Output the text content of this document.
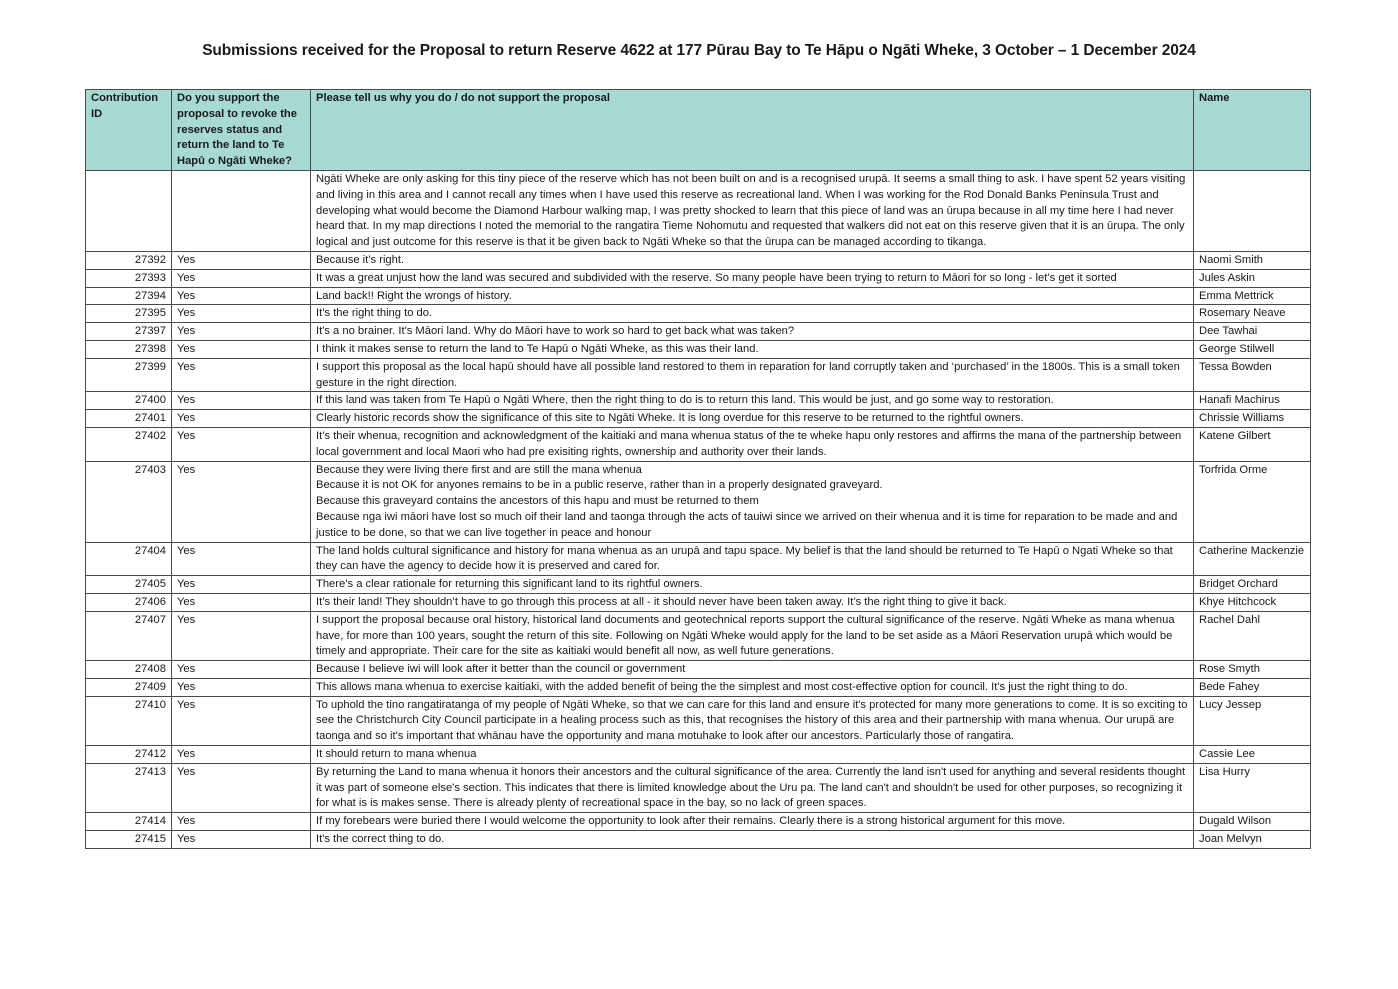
Submissions received for the Proposal to return Reserve 4622 at 177 Pūrau Bay to Te Hāpu o Ngāti Wheke, 3 October – 1 December 2024
Contribution ID	Do you support the proposal to revoke the reserves status and return the land to Te Hapū o Ngāti Wheke?	Please tell us why you do / do not support the proposal	Name
		Ngāti Wheke are only asking for this tiny piece of the reserve which has not been built on and is a recognised urupā. It seems a small thing to ask. I have spent 52 years visiting and living in this area and I cannot recall any times when I have used this reserve as recreational land. When I was working for the Rod Donald Banks Peninsula Trust and developing what would become the Diamond Harbour walking map, I was pretty shocked to learn that this piece of land was an ūrupa because in all my time here I had never heard that. In my map directions I noted the memorial to the rangatira Tieme Nohomutu and requested that walkers did not eat on this reserve given that it is an ūrupa. The only logical and just outcome for this reserve is that it be given back to Ngāti Wheke so that the ūrupa can be managed according to tikanga.	
27392	Yes	Because it’s right.	Naomi Smith
27393	Yes	It was a great unjust how the land was secured and subdivided with the reserve. So many people have been trying to return to Māori for so long - let’s get it sorted	Jules Askin
27394	Yes	Land back!! Right the wrongs of history.	Emma Mettrick
27395	Yes	It’s the right thing to do.	Rosemary Neave
27397	Yes	It's a no brainer. It's Māori land. Why do Māori have to work so hard to get back what was taken?	Dee Tawhai
27398	Yes	I think it makes sense to return the land to Te Hapū o Ngāti Wheke, as this was their land.	George Stilwell
27399	Yes	I support this proposal as the local hapū should have all possible land restored to them in reparation for land corruptly taken and ‘purchased’ in the 1800s. This is a small token gesture in the right direction.	Tessa Bowden
27400	Yes	If this land was taken from Te Hapū o Ngāti Where, then the right thing to do is to return this land. This would be just, and go some way to restoration.	Hanafi Machirus
27401	Yes	Clearly historic records show the significance of this site to Ngāti Wheke. It is long overdue for this reserve to be returned to the rightful owners.	Chrissie Williams
27402	Yes	It’s their whenua, recognition and acknowledgment of the kaitiaki and mana whenua status of the te wheke hapu only restores and affirms the mana of the partnership between local government and local Maori who had pre exisiting rights, ownership and authority over their lands.	Katene Gilbert
27403	Yes	Because they were living there first and are still the mana whenua
Because it is not OK for anyones remains to be in a public reserve, rather than in a properly designated graveyard.
Because this graveyard contains the ancestors of this hapu and must be returned to them
Because nga iwi māori have lost so much oif their land and taonga through the acts of tauiwi since we arrived on their whenua and it is time for reparation to be made and and justice to be done, so that we can live together in peace and honour	Torfrida Orme
27404	Yes	The land holds cultural significance and history for mana whenua as an urupā and tapu space. My belief is that the land should be returned to Te Hapū o Ngati Wheke so that they can have the agency to decide how it is preserved and cared for.	Catherine Mackenzie
27405	Yes	There’s a clear rationale for returning this significant land to its rightful owners.	Bridget Orchard
27406	Yes	It’s their land! They shouldn’t have to go through this process at all - it should never have been taken away. It’s the right thing to give it back.	Khye Hitchcock
27407	Yes	I support the proposal because oral history, historical land documents and geotechnical reports support the cultural significance of the reserve. Ngāti Wheke as mana whenua have, for more than 100 years, sought the return of this site. Following on Ngāti Wheke would apply for the land to be set aside as a Māori Reservation urupā which would be timely and appropriate. Their care for the site as kaitiaki would benefit all now, as well future generations.	Rachel Dahl
27408	Yes	Because I believe iwi will look after it better than the council or government	Rose Smyth
27409	Yes	This allows mana whenua to exercise kaitiaki, with the added benefit of being the the simplest and most cost-effective option for council. It's just the right thing to do.	Bede Fahey
27410	Yes	To uphold the tino rangatiratanga of my people of Ngāti Wheke, so that we can care for this land and ensure it's protected for many more generations to come. It is so exciting to see the Christchurch City Council participate in a healing process such as this, that recognises the history of this area and their partnership with mana whenua. Our urupā are taonga and so it's important that whānau have the opportunity and mana motuhake to look after our ancestors. Particularly those of rangatira.	Lucy Jessep
27412	Yes	It should return to mana whenua	Cassie Lee
27413	Yes	By returning the Land to mana whenua it honors their ancestors and the cultural significance of the area. Currently the land isn't used for anything and several residents thought it was part of someone else's section. This indicates that there is limited knowledge about the Uru pa. The land can't and shouldn't be used for other purposes, so recognizing it for what is is makes sense. There is already plenty of recreational space in the bay, so no lack of green spaces.	Lisa Hurry
27414	Yes	If my forebears were buried there I would welcome the opportunity to look after their remains. Clearly there is a strong historical argument for this move.	Dugald Wilson
27415	Yes	It's the correct thing to do.	Joan Melvyn
